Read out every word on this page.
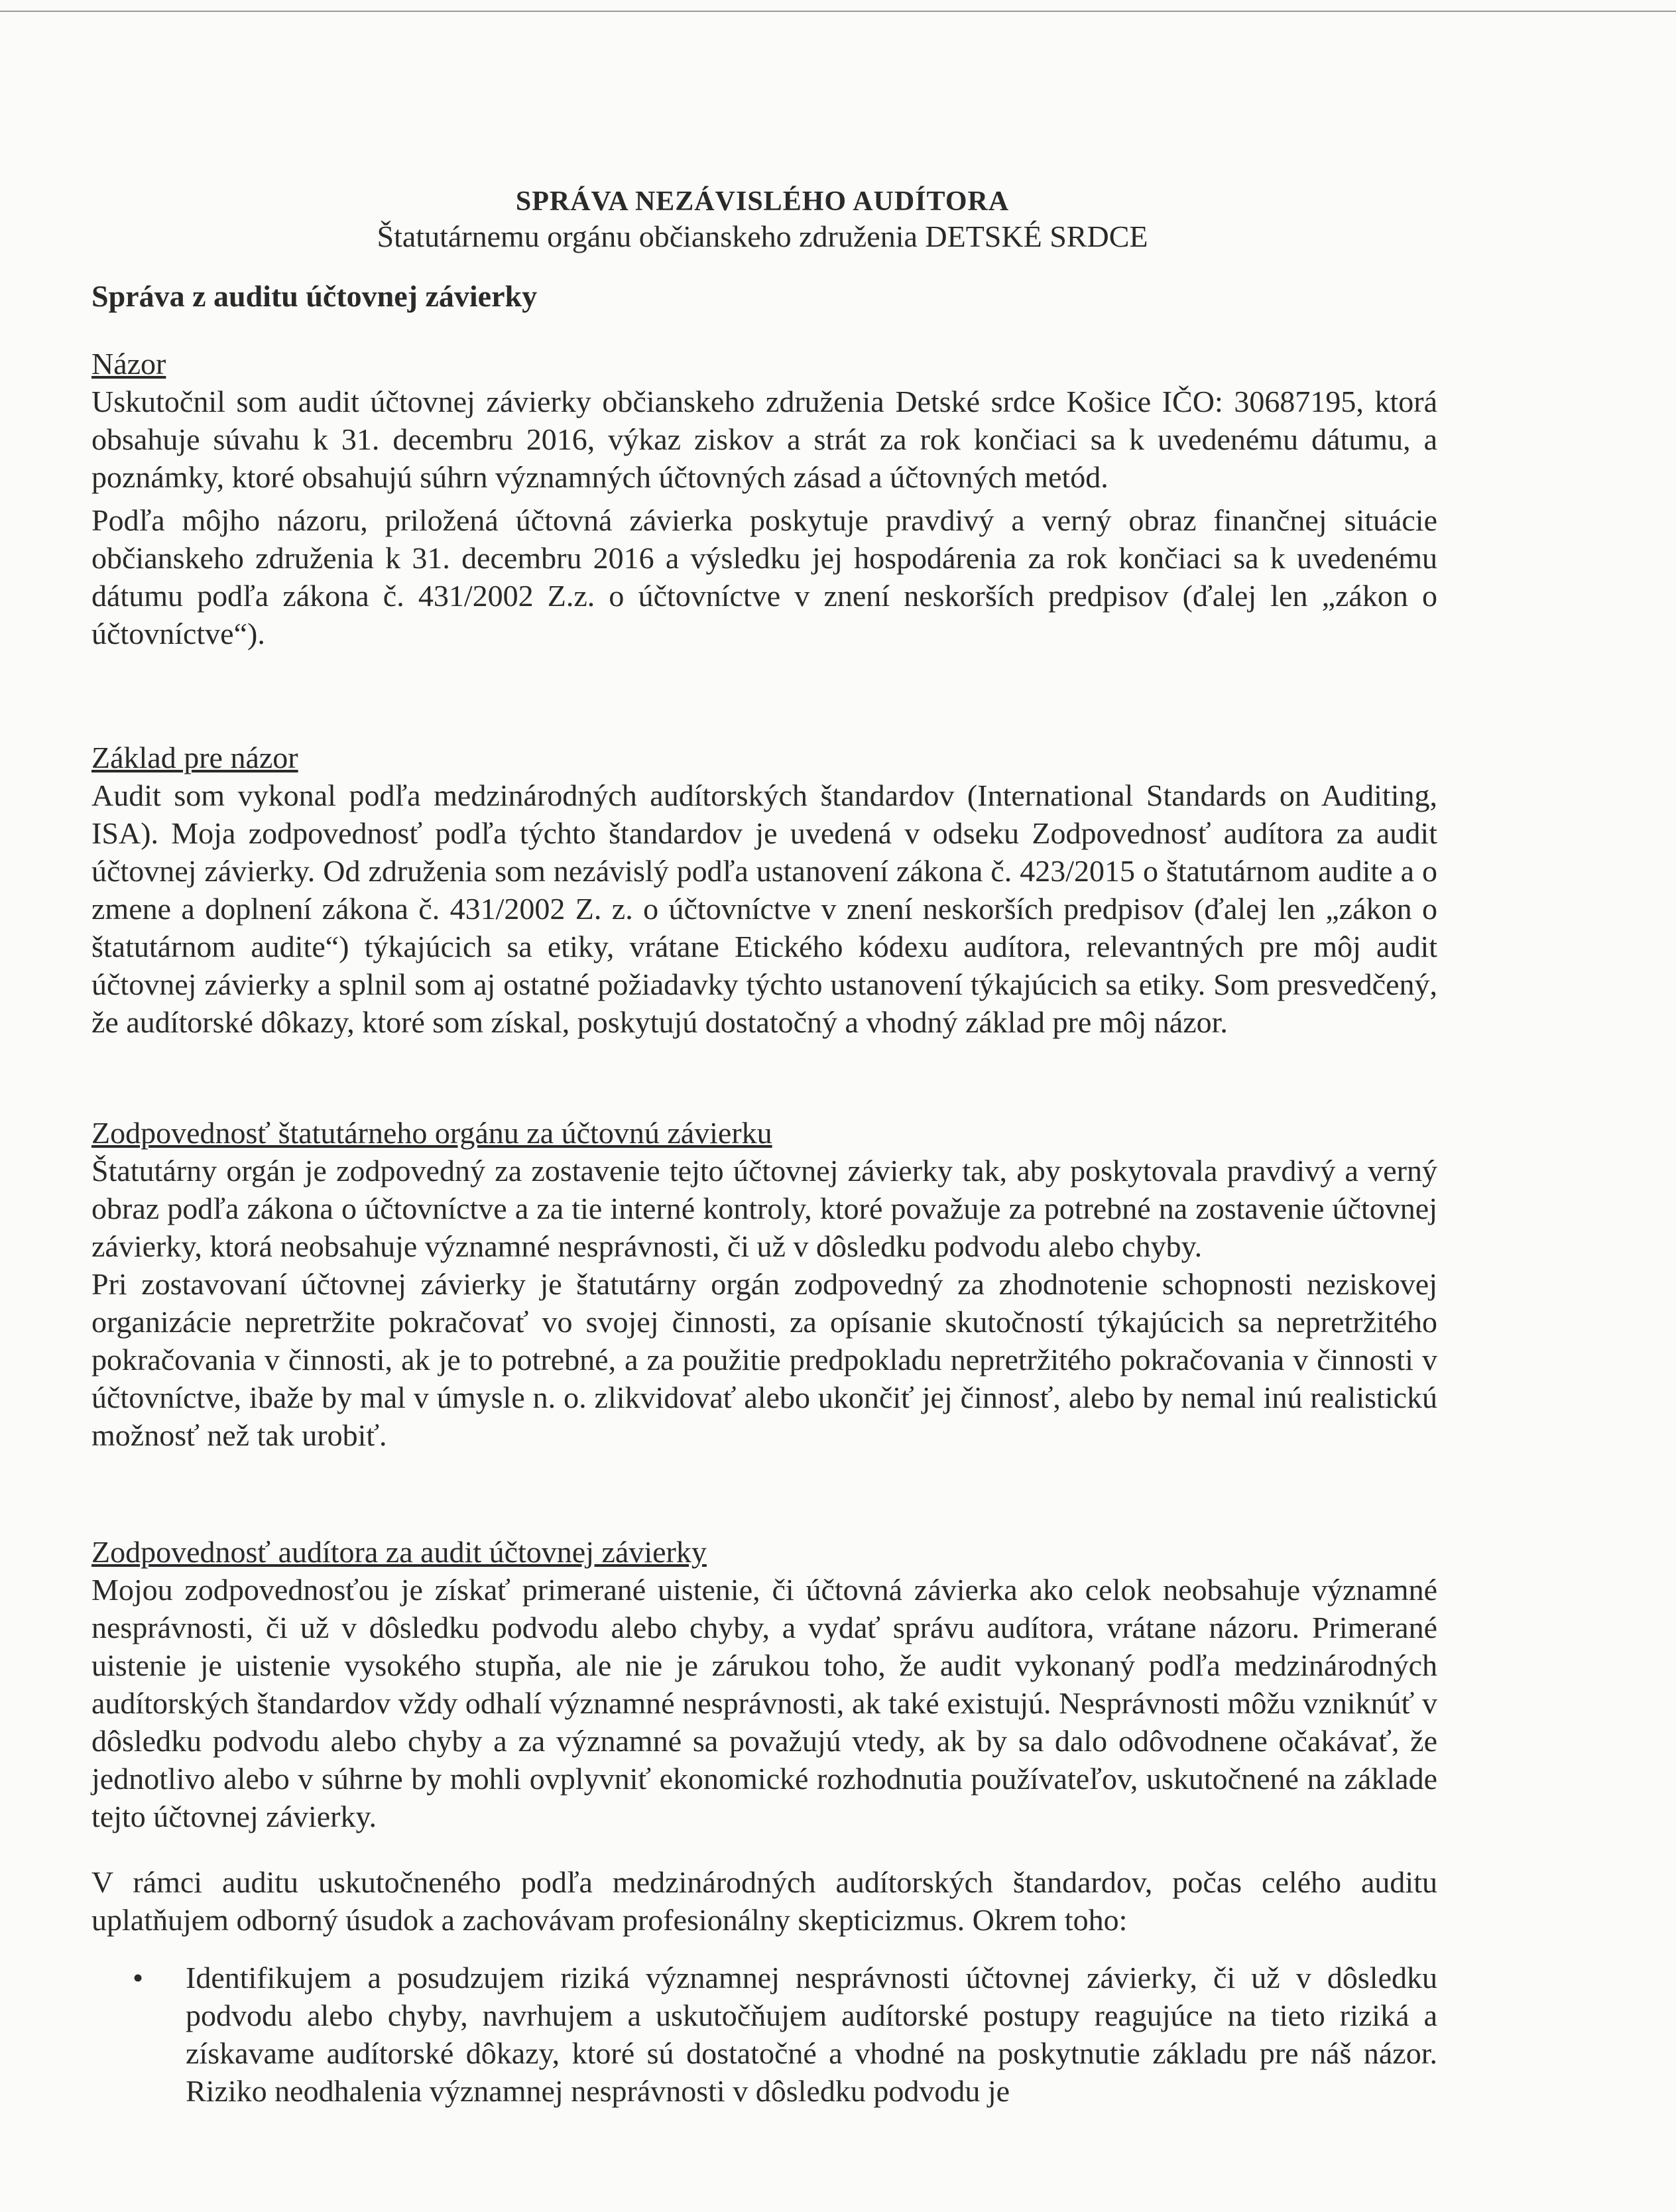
SPRÁVA NEZÁVISLÉHO AUDÍTORA
Štatutárnemu orgánu občianskeho združenia DETSKÉ SRDCE
Správa z auditu účtovnej závierky
Názor

Uskutočnil som audit účtovnej závierky občianskeho združenia Detské srdce Košice IČO: 30687195, ktorá obsahuje súvahu k 31. decembru 2016, výkaz ziskov a strát za rok končiaci sa k uvedenému dátumu, a poznámky, ktoré obsahujú súhrn významných účtovných zásad a účtovných metód.

Podľa môjho názoru, priložená účtovná závierka poskytuje pravdivý a verný obraz finančnej situácie občianskeho združenia k 31. decembru 2016 a výsledku jej hospodárenia za rok končiaci sa k uvedenému dátumu podľa zákona č. 431/2002 Z.z. o účtovníctve v znení neskorších predpisov (ďalej len „zákon o účtovníctve“).

Základ pre názor

Audit som vykonal podľa medzinárodných audítorských štandardov (International Standards on Auditing, ISA). Moja zodpovednosť podľa týchto štandardov je uvedená v odseku Zodpovednosť audítora za audit účtovnej závierky. Od združenia som nezávislý podľa ustanovení zákona č. 423/2015 o štatutárnom audite a o zmene a doplnení zákona č. 431/2002 Z. z. o účtovníctve v znení neskorších predpisov (ďalej len „zákon o štatutárnom audite“) týkajúcich sa etiky, vrátane Etického kódexu audítora, relevantných pre môj audit účtovnej závierky a splnil som aj ostatné požiadavky týchto ustanovení týkajúcich sa etiky. Som presvedčený, že audítorské dôkazy, ktoré som získal, poskytujú dostatočný a vhodný základ pre môj názor.

Zodpovednosť štatutárneho orgánu za účtovnú závierku

Štatutárny orgán je zodpovedný za zostavenie tejto účtovnej závierky tak, aby poskytovala pravdivý a verný obraz podľa zákona o účtovníctve a za tie interné kontroly, ktoré považuje za potrebné na zostavenie účtovnej závierky, ktorá neobsahuje významné nesprávnosti, či už v dôsledku podvodu alebo chyby.

Pri zostavovaní účtovnej závierky je štatutárny orgán zodpovedný za zhodnotenie schopnosti neziskovej organizácie nepretržite pokračovať vo svojej činnosti, za opísanie skutočností týkajúcich sa nepretržitého pokračovania v činnosti, ak je to potrebné, a za použitie predpokladu nepretržitého pokračovania v činnosti v účtovníctve, ibaže by mal v úmysle n. o. zlikvidovať alebo ukončiť jej činnosť, alebo by nemal inú realistickú možnosť než tak urobiť.

Zodpovednosť audítora za audit účtovnej závierky

Mojou zodpovednosťou je získať primerané uistenie, či účtovná závierka ako celok neobsahuje významné nesprávnosti, či už v dôsledku podvodu alebo chyby, a vydať správu audítora, vrátane názoru. Primerané uistenie je uistenie vysokého stupňa, ale nie je zárukou toho, že audit vykonaný podľa medzinárodných audítorských štandardov vždy odhalí významné nesprávnosti, ak také existujú. Nesprávnosti môžu vzniknúť v dôsledku podvodu alebo chyby a za významné sa považujú vtedy, ak by sa dalo odôvodnene očakávať, že jednotlivo alebo v súhrne by mohli ovplyvniť ekonomické rozhodnutia používateľov, uskutočnené na základe tejto účtovnej závierky.

V rámci auditu uskutočneného podľa medzinárodných audítorských štandardov, počas celého auditu uplatňujem odborný úsudok a zachovávam profesionálny skepticizmus. Okrem toho:

•	Identifikujem a posudzujem riziká významnej nesprávnosti účtovnej závierky, či už v dôsledku podvodu alebo chyby, navrhujem a uskutočňujem audítorské postupy reagujúce na tieto riziká a získavame audítorské dôkazy, ktoré sú dostatočné a vhodné na poskytnutie základu pre náš názor. Riziko neodhalenia významnej nesprávnosti v dôsledku podvodu je
